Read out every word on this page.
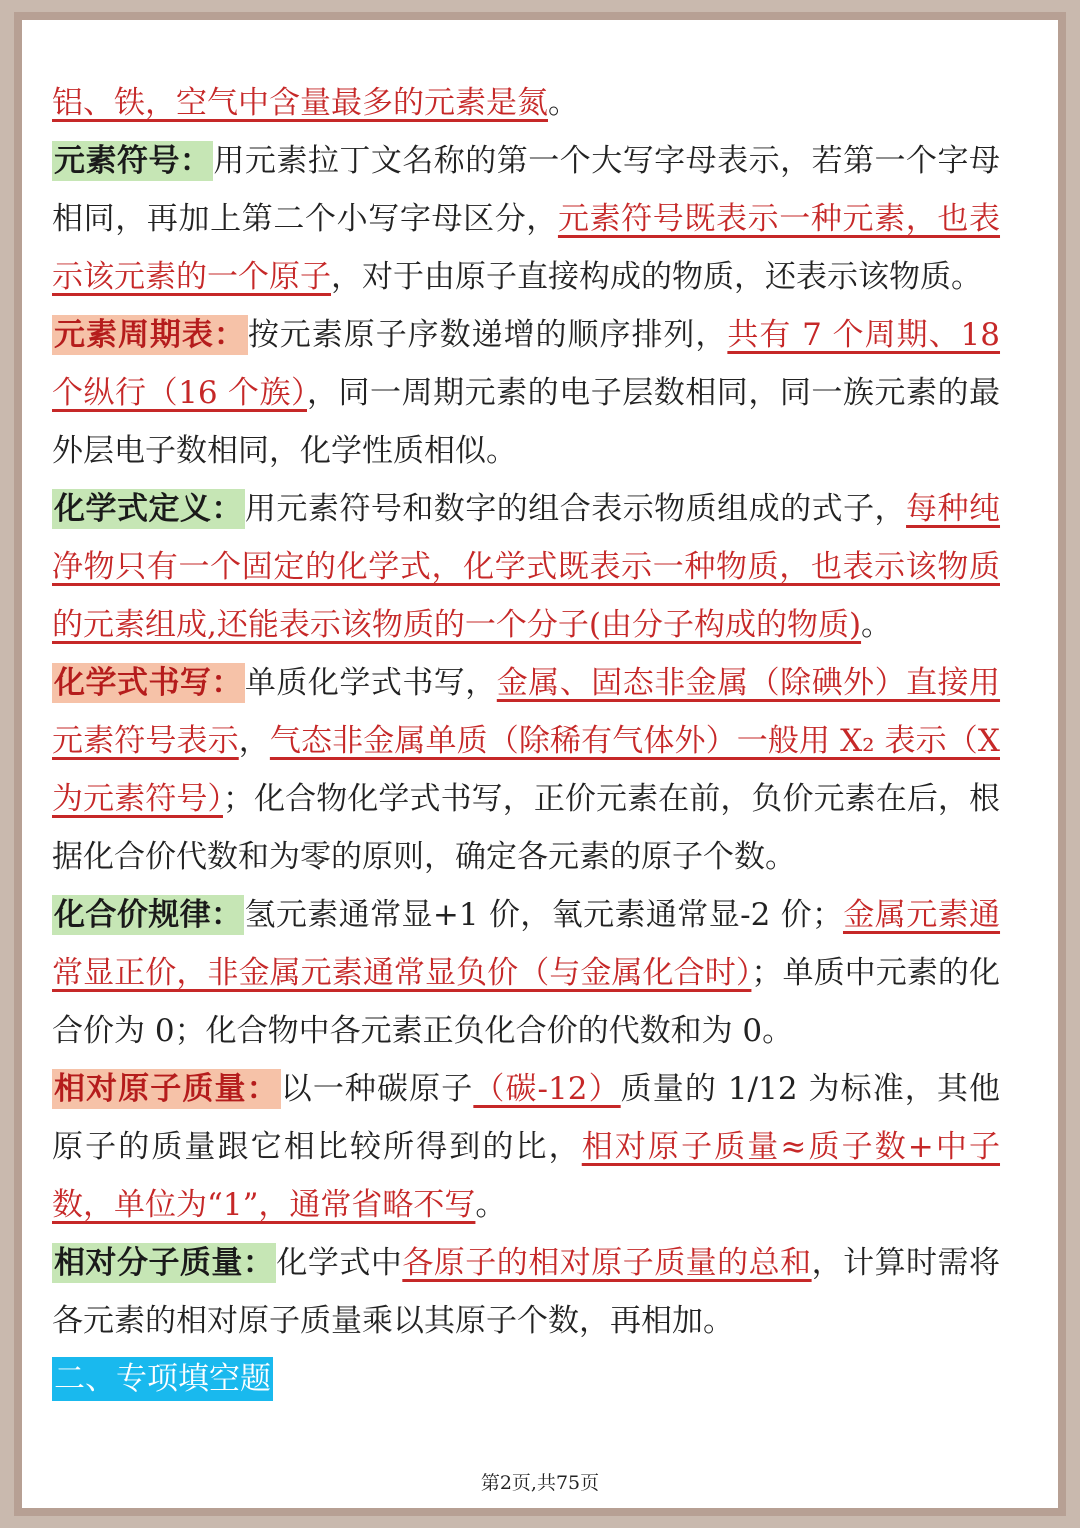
铝、铁，空气中含量最多的元素是氮。

元素符号：用元素拉丁文名称的第一个大写字母表示，若第一个字母相同，再加上第二个小写字母区分，元素符号既表示一种元素，也表示该元素的一个原子，对于由原子直接构成的物质，还表示该物质。

元素周期表：按元素原子序数递增的顺序排列，共有 7 个周期、18 个纵行（16 个族），同一周期元素的电子层数相同，同一族元素的最外层电子数相同，化学性质相似。

化学式定义：用元素符号和数字的组合表示物质组成的式子，每种纯净物只有一个固定的化学式，化学式既表示一种物质，也表示该物质的元素组成,还能表示该物质的一个分子(由分子构成的物质)。

化学式书写：单质化学式书写，金属、固态非金属（除碘外）直接用元素符号表示，气态非金属单质（除稀有气体外）一般用 X₂ 表示（X 为元素符号）；化合物化学式书写，正价元素在前，负价元素在后，根据化合价代数和为零的原则，确定各元素的原子个数。

化合价规律：氢元素通常显+1 价，氧元素通常显-2 价；金属元素通常显正价，非金属元素通常显负价（与金属化合时）；单质中元素的化合价为 0；化合物中各元素正负化合价的代数和为 0。

相对原子质量：以一种碳原子（碳-12）质量的 1/12 为标准，其他原子的质量跟它相比较所得到的比，相对原子质量≈质子数+中子数，单位为“1”，通常省略不写。

相对分子质量：化学式中各原子的相对原子质量的总和，计算时需将各元素的相对原子质量乘以其原子个数，再相加。

二、专项填空题
第2页,共75页
